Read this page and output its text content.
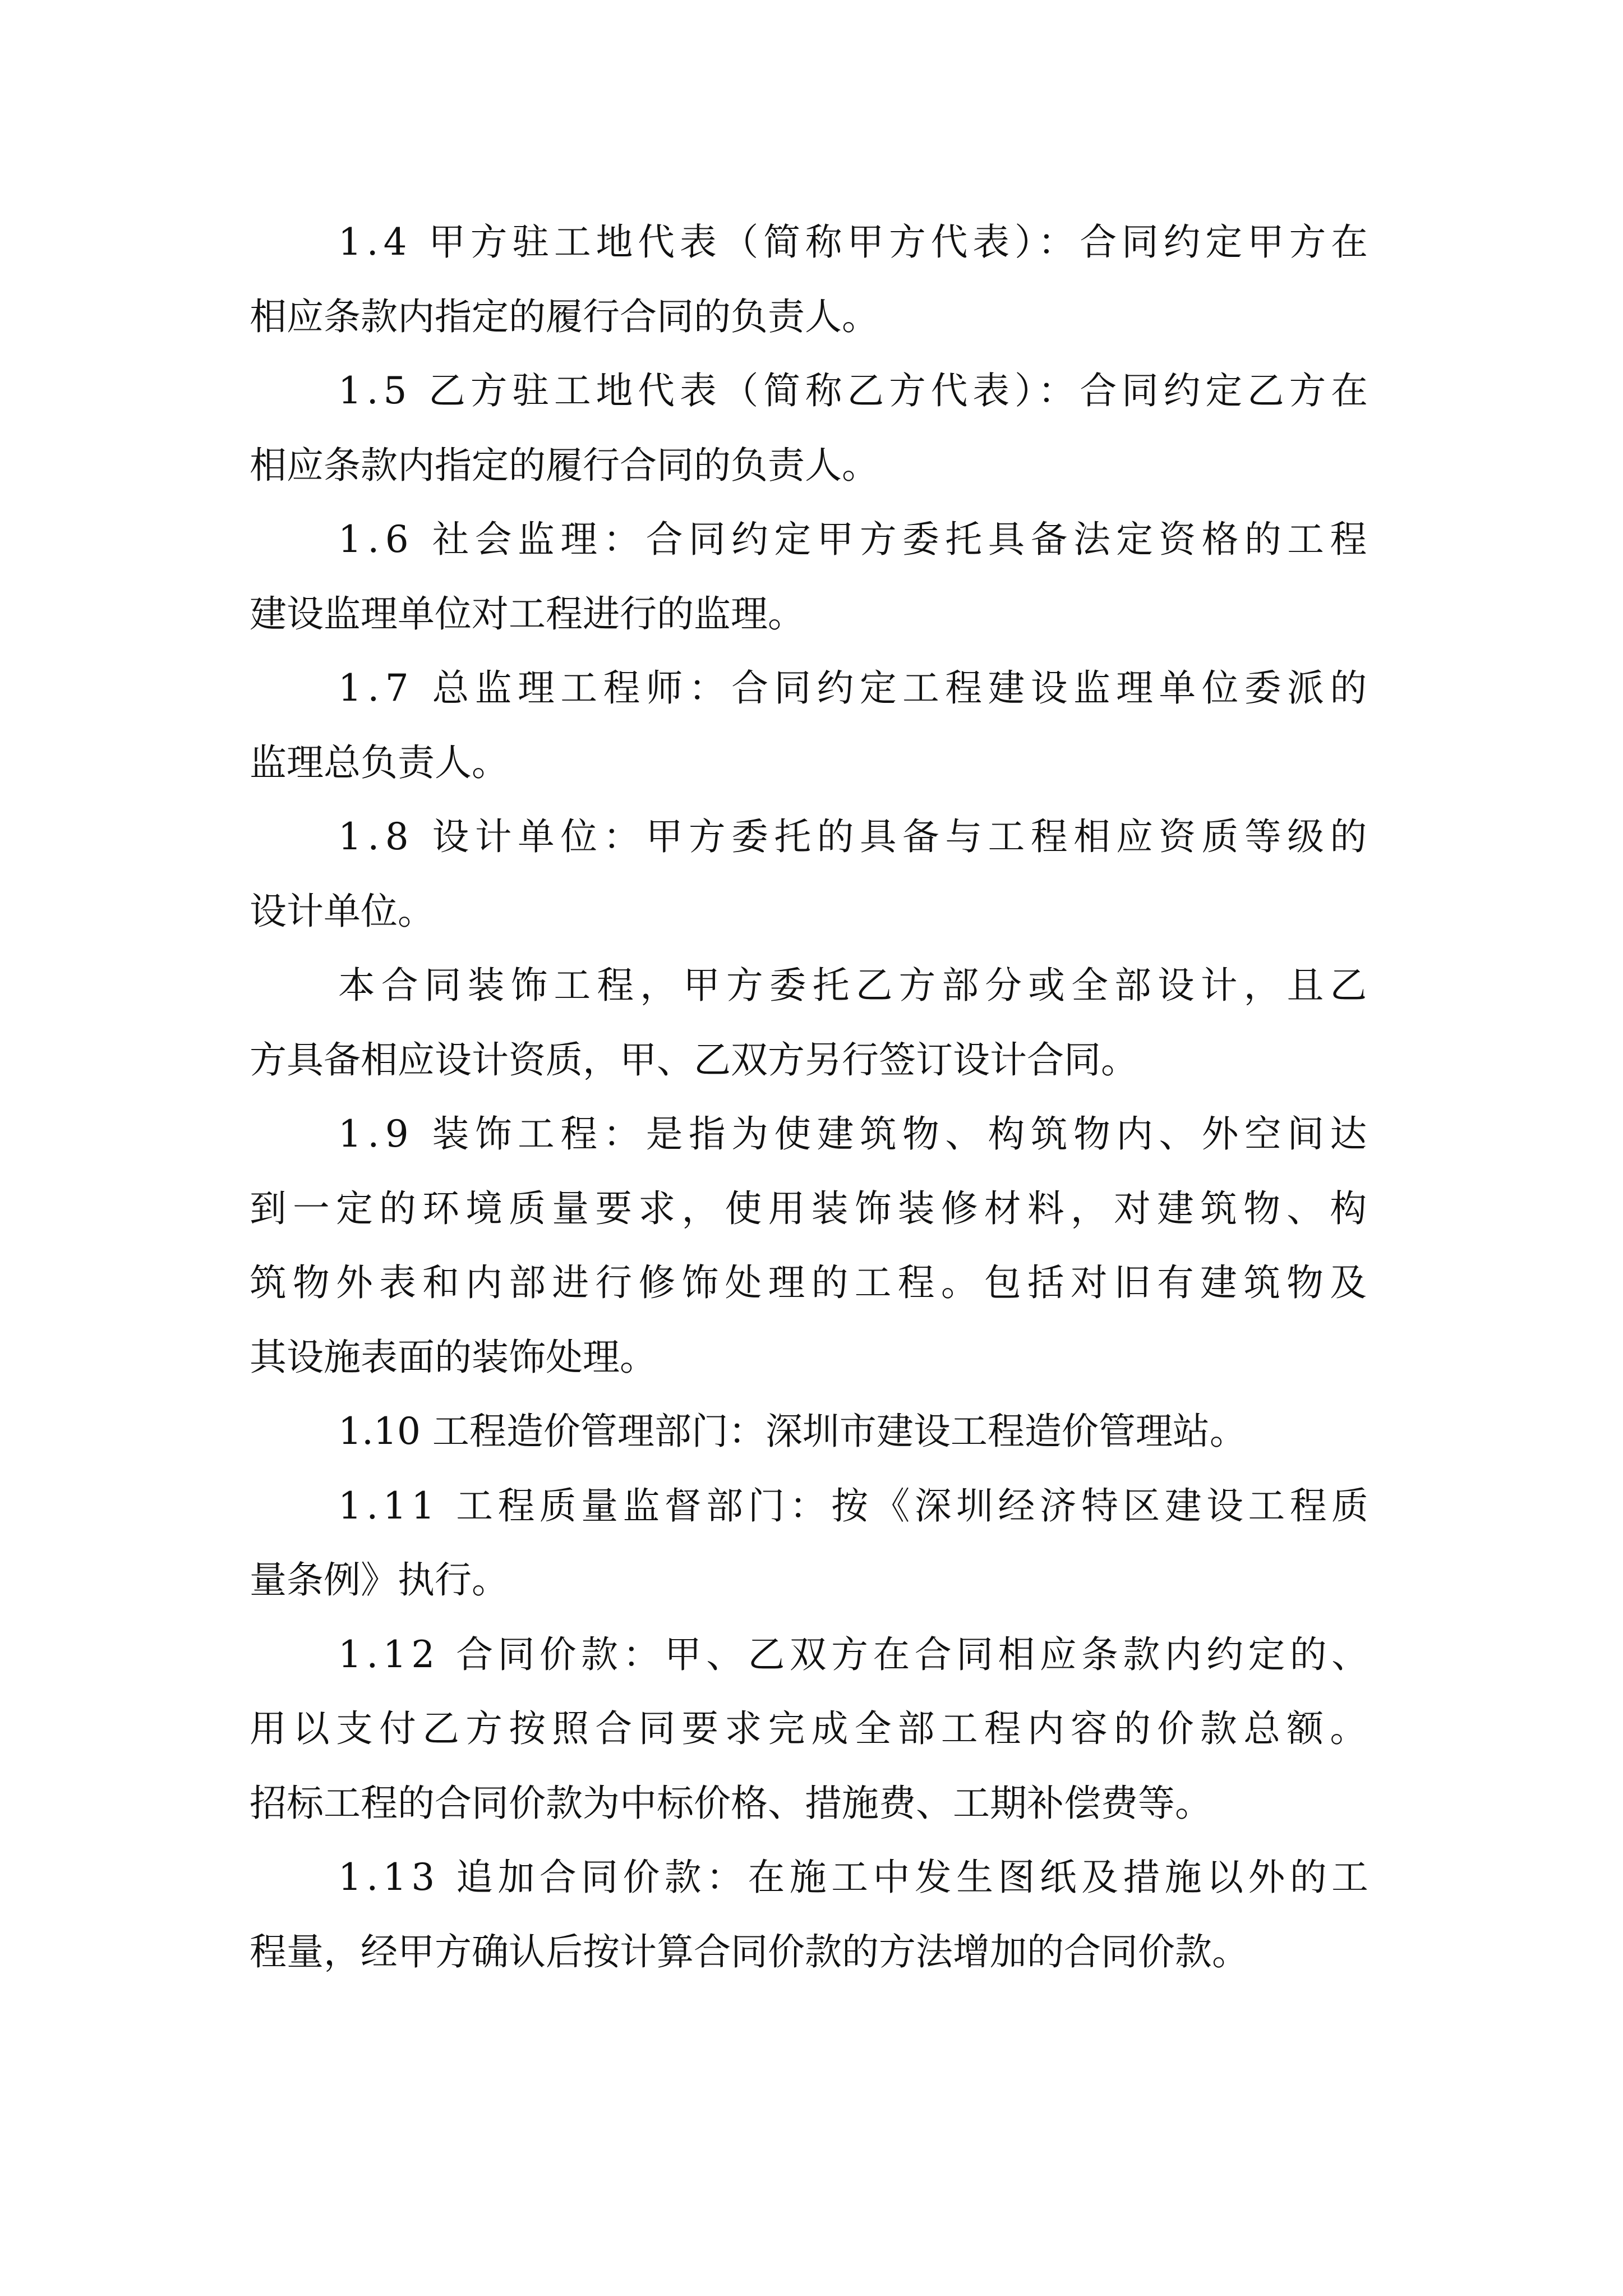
1.4 甲方驻工地代表（简称甲方代表）：合同约定甲方在

相应条款内指定的履行合同的负责人。

1.5 乙方驻工地代表（简称乙方代表）：合同约定乙方在

相应条款内指定的履行合同的负责人。

1.6 社会监理：合同约定甲方委托具备法定资格的工程

建设监理单位对工程进行的监理。

1.7 总监理工程师：合同约定工程建设监理单位委派的

监理总负责人。

1.8 设计单位：甲方委托的具备与工程相应资质等级的

设计单位。

本合同装饰工程，甲方委托乙方部分或全部设计，且乙

方具备相应设计资质，甲、乙双方另行签订设计合同。

1.9 装饰工程：是指为使建筑物、构筑物内、外空间达

到一定的环境质量要求，使用装饰装修材料，对建筑物、构

筑物外表和内部进行修饰处理的工程。包括对旧有建筑物及

其设施表面的装饰处理。

1.10 工程造价管理部门：深圳市建设工程造价管理站。

1.11 工程质量监督部门：按《深圳经济特区建设工程质

量条例》执行。

1.12 合同价款：甲、乙双方在合同相应条款内约定的、

用以支付乙方按照合同要求完成全部工程内容的价款总额。

招标工程的合同价款为中标价格、措施费、工期补偿费等。

1.13 追加合同价款：在施工中发生图纸及措施以外的工

程量，经甲方确认后按计算合同价款的方法增加的合同价款。
